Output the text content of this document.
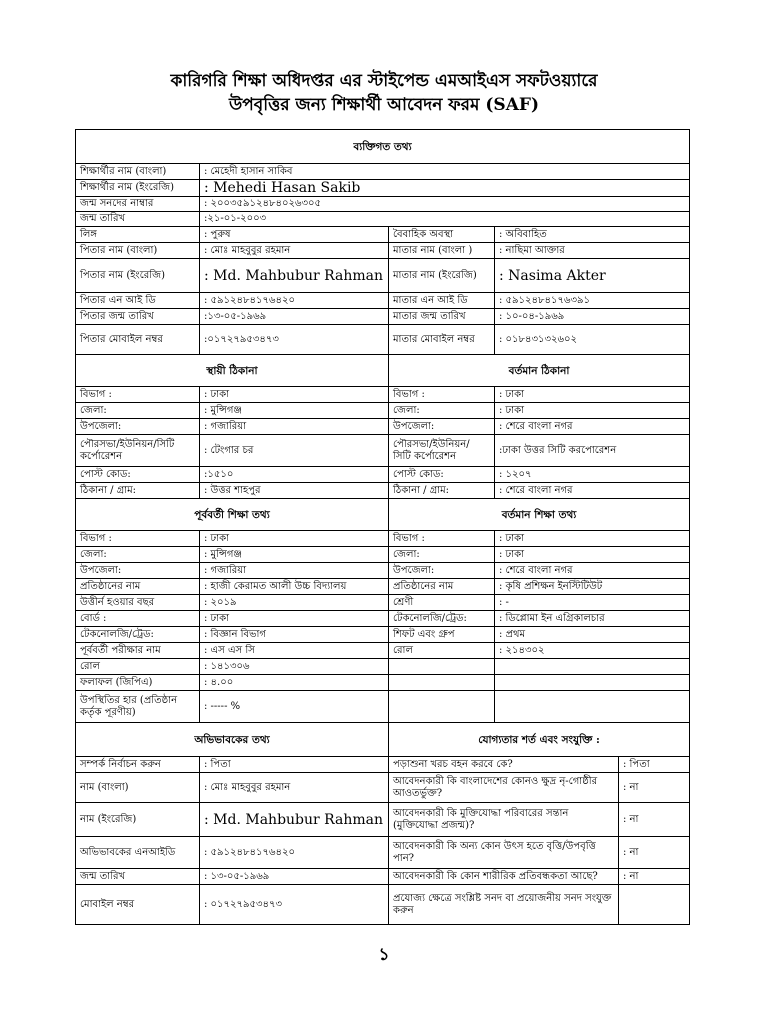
কারিগরি শিক্ষা অধিদপ্তর এর স্টাইপেন্ড এমআইএস সফটওয়্যারে
উপবৃত্তির জন্য শিক্ষার্থী আবেদন ফরম (SAF)
ব্যক্তিগত তথ্য				
শিক্ষার্থীর নাম (বাংলা)	: মেহেদী হাসান সাকিব			
শিক্ষার্থীর নাম (ইংরেজি)	: Mehedi Hasan Sakib			
জন্ম সনদের নাম্বার	: ২০০৩৫৯১২৪৮৪০২৬৩০৫			
জন্ম তারিখ	:২১-০১-২০০৩			
লিঙ্গ	: পুরুষ	বৈবাহিক অবস্থা	: অবিবাহিত	
পিতার নাম (বাংলা)	: মোঃ মাহবুবুর রহমান	মাতার নাম (বাংলা )	: নাছিমা আক্তার	
পিতার নাম (ইংরেজি)	: Md. Mahbubur Rahman	মাতার নাম (ইংরেজি)	: Nasima Akter	
পিতার এন আই ডি	: ৫৯১২৪৮৪১৭৬৪২০	মাতার এন আই ডি	: ৫৯১২৪৮৪১৭৬৩৯১	
পিতার জন্ম তারিখ	:১৩-০৫-১৯৬৯	মাতার জন্ম তারিখ	: ১০-০৪-১৯৬৯	
পিতার মোবাইল নম্বর	:০১৭২৭৯৫৩৪৭৩	মাতার মোবাইল নম্বর	: ০১৮৪৩১৩২৬০২	
স্থায়ী ঠিকানা		বর্তমান ঠিকানা		
বিভাগ :	: ঢাকা	বিভাগ :	: ঢাকা	
জেলা:	: মুন্সিগঞ্জ	জেলা:	: ঢাকা	
উপজেলা:	: গজারিয়া	উপজেলা:	: শেরে বাংলা নগর	
পৌরসভা/ইউনিয়ন/সিটি কর্পোরেশন	: টেংগার চর	পৌরসভা/ইউনিয়ন/ সিটি কর্পোরেশন	:ঢাকা উত্তর সিটি করপোরেশন	
পোস্ট কোড:	:১৫১০	পোস্ট কোড:	: ১২০৭	
ঠিকানা / গ্রাম:	: উত্তর শাহপুর	ঠিকানা / গ্রাম:	: শেরে বাংলা নগর	
পূর্ববর্তী শিক্ষা তথ্য		বর্তমান শিক্ষা তথ্য		
বিভাগ :	: ঢাকা	বিভাগ :	: ঢাকা	
জেলা:	: মুন্সিগঞ্জ	জেলা:	: ঢাকা	
উপজেলা:	: গজারিয়া	উপজেলা:	: শেরে বাংলা নগর	
প্রতিষ্ঠানের নাম	: হাজী কেরামত আলী উচ্চ বিদ্যালয়	প্রতিষ্ঠানের নাম	: কৃষি প্রশিক্ষন ইনস্টিটিউট	
উত্তীর্ন হওয়ার বছর	: ২০১৯	শ্রেণী	: -	
বোর্ড :	: ঢাকা	টেকনোলজি/ট্রেড:	: ডিপ্লোমা ইন এগ্রিকালচার	
টেকনোলজি/ট্রেড:	: বিজ্ঞান বিভাগ	শিফট এবং গ্রুপ	: প্রথম	
পূর্ববর্তী পরীক্ষার নাম	: এস এস সি	রোল	: ২১৪৩০২	
রোল	: ১৪১৩০৬			
ফলাফল (জিপিএ)	: ৪.০০			
উপস্থিতির হার (প্রতিষ্ঠান কর্তৃক পূরণীয়)	: ----- %			
অভিভাবকের তথ্য		যোগ্যতার শর্ত এবং সংযুক্তি :		
সম্পর্ক নির্বাচন করুন	: পিতা	পড়াশুনা খরচ বহন করবে কে?		: পিতা
নাম (বাংলা)	: মোঃ মাহবুবুর রহমান	আবেদনকারী কি বাংলাদেশের কোনও ক্ষুদ্র নৃ-গোষ্ঠীর আওতর্ভুক্ত?		: না
নাম (ইংরেজি)	: Md. Mahbubur Rahman	আবেদনকারী কি মুক্তিযোদ্ধা পরিবারের সন্তান (মুক্তিযোদ্ধা প্রজন্ম)?		: না
অভিভাবকের এনআইডি	: ৫৯১২৪৮৪১৭৬৪২০	আবেদনকারী কি অন্য কোন উৎস হতে বৃত্তি/উপবৃত্তি পান?		: না
জন্ম তারিখ	: ১৩-০৫-১৯৬৯	আবেদনকারী কি কোন শারীরিক প্রতিবন্ধকতা আছে?		: না
মোবাইল নম্বর	: ০১৭২৭৯৫৩৪৭৩	প্রযোজ্য ক্ষেত্রে সংশ্লিষ্ট সনদ বা প্রয়োজনীয় সনদ সংযুক্ত করুন		
১
